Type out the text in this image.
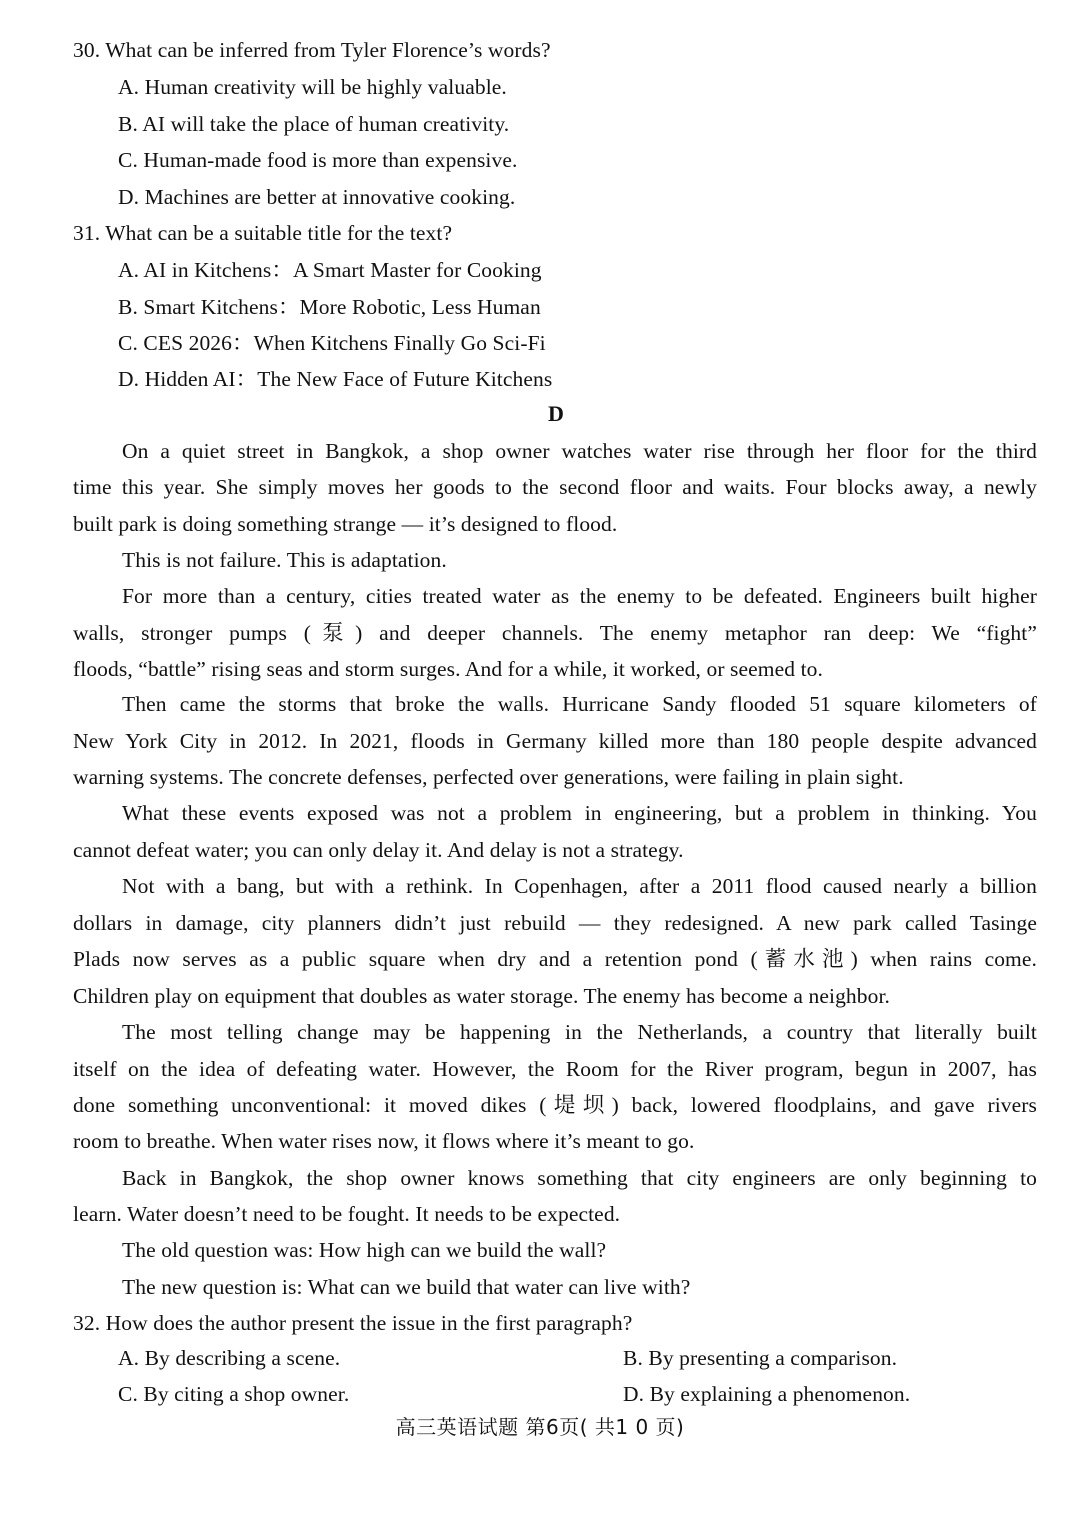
30. What can be inferred from Tyler Florence’s words?
A. Human creativity will be highly valuable.
B. AI will take the place of human creativity.
C. Human-made food is more than expensive.
D. Machines are better at innovative cooking.
31. What can be a suitable title for the text?
A. AI in Kitchens：A Smart Master for Cooking
B. Smart Kitchens：More Robotic, Less Human
C. CES 2026：When Kitchens Finally Go Sci-Fi
D. Hidden AI：The New Face of Future Kitchens
D
On a quiet street in Bangkok, a shop owner watches water rise through her floor for the third
time this year. She simply moves her goods to the second floor and waits. Four blocks away, a newly
built park is doing something strange — it’s designed to flood.
This is not failure. This is adaptation.
For more than a century, cities treated water as the enemy to be defeated. Engineers built higher
walls, stronger pumps (泵) and deeper channels. The enemy metaphor ran deep: We “fight”
floods, “battle” rising seas and storm surges. And for a while, it worked, or seemed to.
Then came the storms that broke the walls. Hurricane Sandy flooded 51 square kilometers of
New York City in 2012. In 2021, floods in Germany killed more than 180 people despite advanced
warning systems. The concrete defenses, perfected over generations, were failing in plain sight.
What these events exposed was not a problem in engineering, but a problem in thinking. You
cannot defeat water; you can only delay it. And delay is not a strategy.
Not with a bang, but with a rethink. In Copenhagen, after a 2011 flood caused nearly a billion
dollars in damage, city planners didn’t just rebuild — they redesigned. A new park called Tasinge
Plads now serves as a public square when dry and a retention pond (蓄水池) when rains come.
Children play on equipment that doubles as water storage. The enemy has become a neighbor.
The most telling change may be happening in the Netherlands, a country that literally built
itself on the idea of defeating water. However, the Room for the River program, begun in 2007, has
done something unconventional: it moved dikes (堤坝) back, lowered floodplains, and gave rivers
room to breathe. When water rises now, it flows where it’s meant to go.
Back in Bangkok, the shop owner knows something that city engineers are only beginning to
learn. Water doesn’t need to be fought. It needs to be expected.
The old question was: How high can we build the wall?
The new question is: What can we build that water can live with?
32. How does the author present the issue in the first paragraph?
A. By describing a scene.	B. By presenting a comparison.
C. By citing a shop owner.	D. By explaining a phenomenon.
高三英语试题 第6页( 共1 0 页)
